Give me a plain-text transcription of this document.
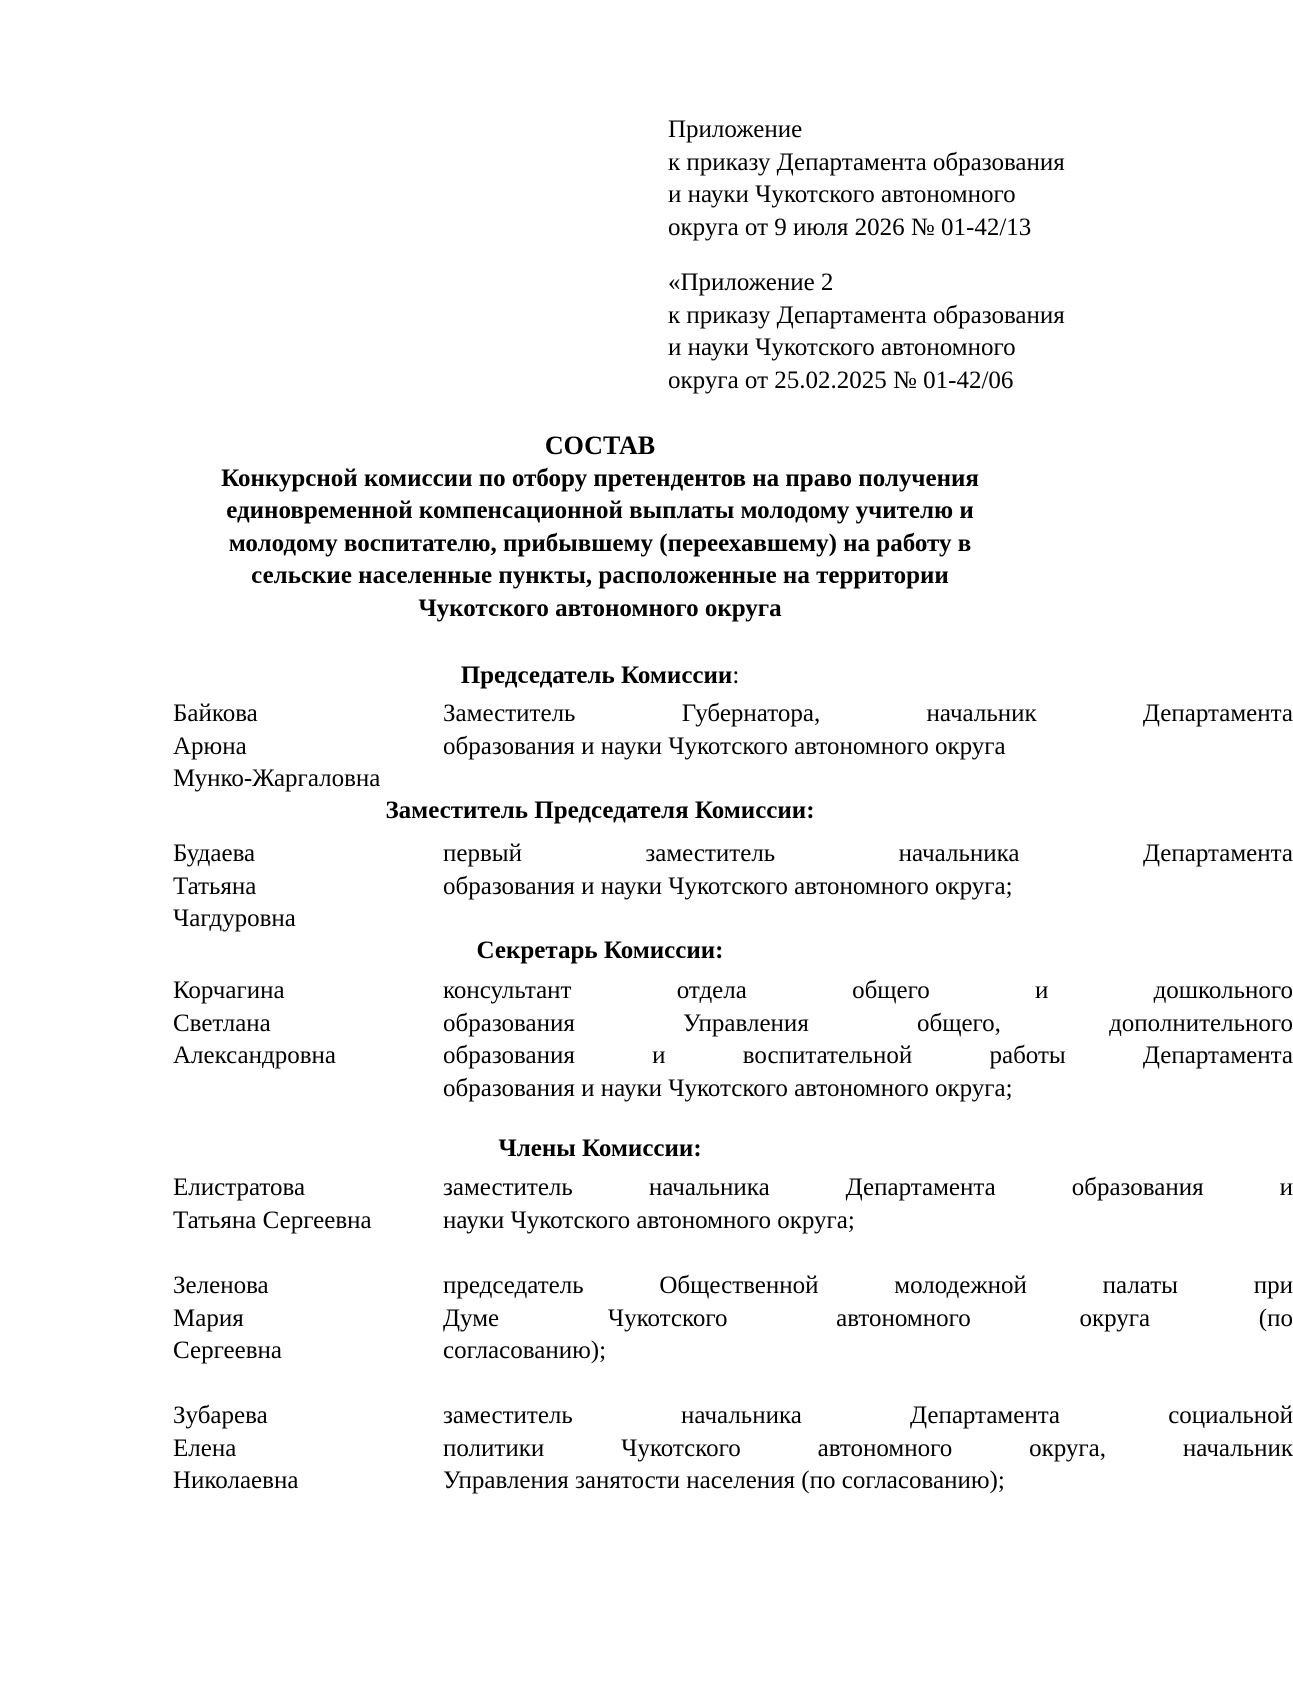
Приложение
к приказу Департамента образования
и науки Чукотского автономного
округа от 9 июля 2026 № 01-42/13
«Приложение 2
к приказу Департамента образования
и науки Чукотского автономного
округа от 25.02.2025 № 01-42/06
СОСТАВ
Конкурсной комиссии по отбору претендентов на право получения
единовременной компенсационной выплаты молодому учителю и
молодому воспитателю, прибывшему (переехавшему) на работу в
сельские населенные пункты, расположенные на территории
Чукотского автономного округа
Председатель Комиссии:
Байкова
Арюна
Мунко-Жаргаловна
Заместитель Губернатора, начальник Департамента
образования и науки Чукотского автономного округа
Заместитель Председателя Комиссии:
Будаева
Татьяна
Чагдуровна
первый заместитель начальника Департамента
образования и науки Чукотского автономного округа;
Секретарь Комиссии:
Корчагина
Светлана
Александровна
консультант отдела общего и дошкольного
образования Управления общего, дополнительного
образования и воспитательной работы Департамента
образования и науки Чукотского автономного округа;
Члены Комиссии:
Елистратова
Татьяна Сергеевна
заместитель начальника Департамента образования и
науки Чукотского автономного округа;
Зеленова
Мария
Сергеевна
председатель Общественной молодежной палаты при
Думе Чукотского автономного округа (по
согласованию);
Зубарева
Елена
Николаевна
заместитель начальника Департамента социальной
политики Чукотского автономного округа, начальник
Управления занятости населения (по согласованию);
